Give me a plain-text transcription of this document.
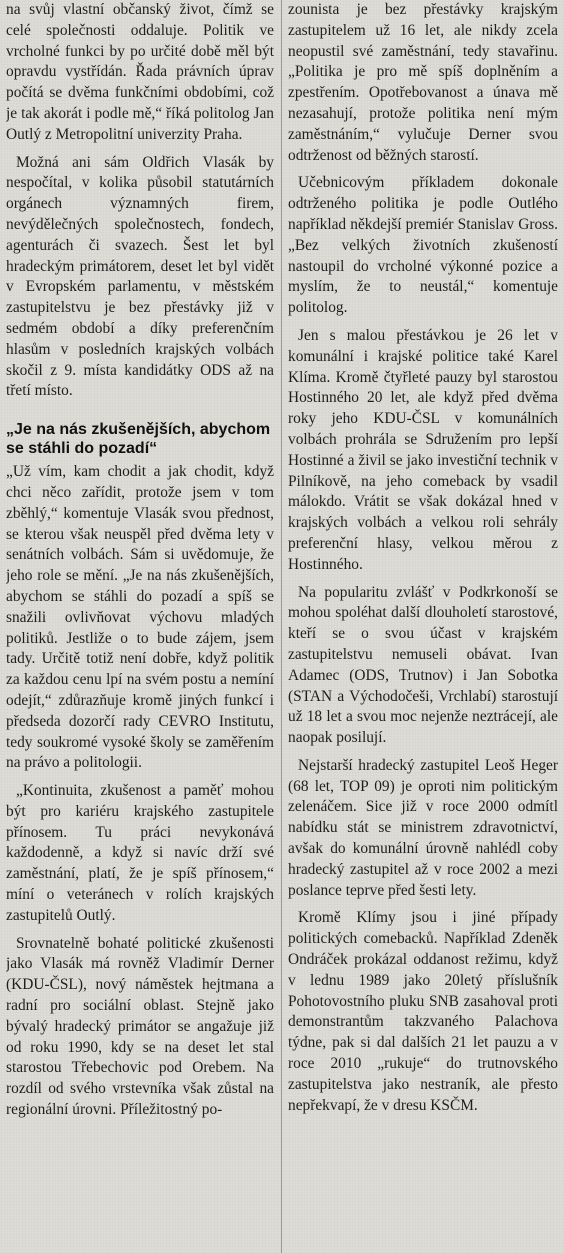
na svůj vlastní občanský život, čímž se celé společnosti oddaluje. Politik ve vrcholné funkci by po určité době měl být opravdu vystřídán. Řada právních úprav počítá se dvěma funkčními obdobími, což je tak akorát i podle mě,“ říká politolog Jan Outlý z Metropolitní univerzity Praha.

Možná ani sám Oldřich Vlasák by nespočítal, v kolika působil statutárních orgánech významných firem, nevýdělečných společnostech, fondech, agenturách či svazech. Šest let byl hradeckým primátorem, deset let byl vidět v Evropském parlamentu, v městském zastupitelstvu je bez přestávky již v sedmém období a díky preferenčním hlasům v posledních krajských volbách skočil z 9. místa kandidátky ODS až na třetí místo.

„Je na nás zkušenějších, abychom se stáhli do pozadí“

„Už vím, kam chodit a jak chodit, když chci něco zařídit, protože jsem v tom zběhlý,“ komentuje Vlasák svou přednost, se kterou však neuspěl před dvěma lety v senátních volbách. Sám si uvědomuje, že jeho role se mění. „Je na nás zkušenějších, abychom se stáhli do pozadí a spíš se snažili ovlivňovat výchovu mladých politiků. Jestliže o to bude zájem, jsem tady. Určitě totiž není dobře, když politik za každou cenu lpí na svém postu a nemíní odejít,“ zdůrazňuje kromě jiných funkcí i předseda dozorčí rady CEVRO Institutu, tedy soukromé vysoké školy se zaměřením na právo a politologii.

„Kontinuita, zkušenost a paměť mohou být pro kariéru krajského zastupitele přínosem. Tu práci nevykonává každodenně, a když si navíc drží své zaměstnání, platí, že je spíš přínosem,“ míní o veteránech v rolích krajských zastupitelů Outlý.

Srovnatelně bohaté politické zkušenosti jako Vlasák má rovněž Vladimír Derner (KDU-ČSL), nový náměstek hejtmana a radní pro sociální oblast. Stejně jako bývalý hradecký primátor se angažuje již od roku 1990, kdy se na deset let stal starostou Třebechovic pod Orebem. Na rozdíl od svého vrstevníka však zůstal na regionální úrovni. Příležitostný po-

zounista je bez přestávky krajským zastupitelem už 16 let, ale nikdy zcela neopustil své zaměstnání, tedy stavařinu. „Politika je pro mě spíš doplněním a zpestřením. Opotřebovanost a únava mě nezasahují, protože politika není mým zaměstnáním,“ vylučuje Derner svou odtrženost od běžných starostí.

Učebnicovým příkladem dokonale odtrženého politika je podle Outlého například někdejší premiér Stanislav Gross. „Bez velkých životních zkušeností nastoupil do vrcholné výkonné pozice a myslím, že to neustál,“ komentuje politolog.

Jen s malou přestávkou je 26 let v komunální i krajské politice také Karel Klíma. Kromě čtyřleté pauzy byl starostou Hostinného 20 let, ale když před dvěma roky jeho KDU-ČSL v komunálních volbách prohrála se Sdružením pro lepší Hostinné a živil se jako investiční technik v Pilníkově, na jeho comeback by vsadil málokdo. Vrátit se však dokázal hned v krajských volbách a velkou roli sehrály preferenční hlasy, velkou měrou z Hostinného.

Na popularitu zvlášť v Podkrkonoší se mohou spoléhat další dlouholetí starostové, kteří se o svou účast v krajském zastupitelstvu nemuseli obávat. Ivan Adamec (ODS, Trutnov) i Jan Sobotka (STAN a Východočeši, Vrchlabí) starostují už 18 let a svou moc nejenže neztrácejí, ale naopak posilují.

Nejstarší hradecký zastupitel Leoš Heger (68 let, TOP 09) je oproti nim politickým zelenáčem. Sice již v roce 2000 odmítl nabídku stát se ministrem zdravotnictví, avšak do komunální úrovně nahlédl coby hradecký zastupitel až v roce 2002 a mezi poslance teprve před šesti lety.

Kromě Klímy jsou i jiné případy politických comebacků. Například Zdeněk Ondráček prokázal oddanost režimu, když v lednu 1989 jako 20letý příslušník Pohotovostního pluku SNB zasahoval proti demonstrantům takzvaného Palachova týdne, pak si dal dalších 21 let pauzu a v roce 2010 „rukuje“ do trutnovského zastupitelstva jako nestraník, ale přesto nepřekvapí, že v dresu KSČM.
